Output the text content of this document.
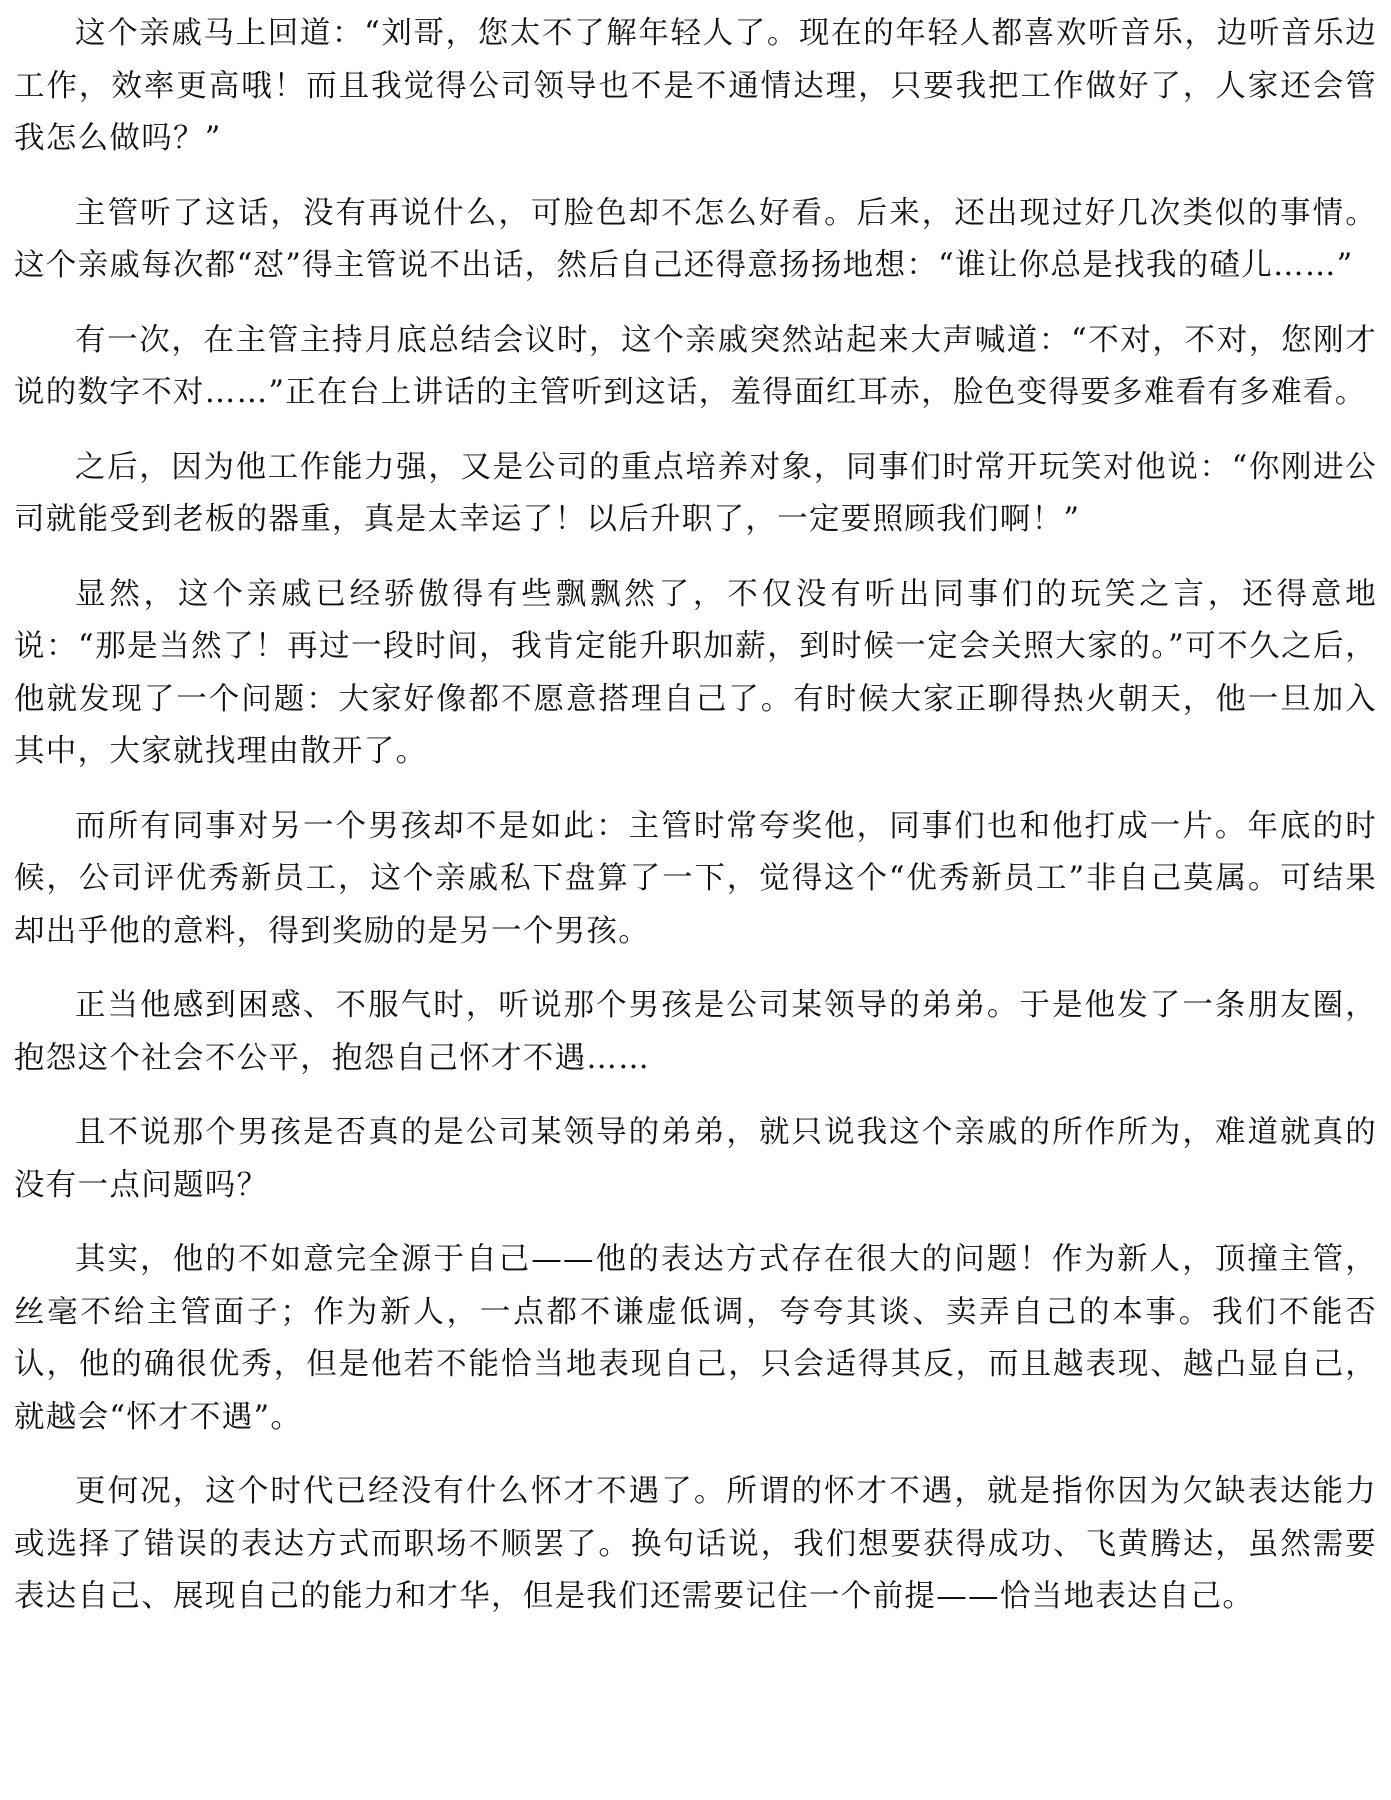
这个亲戚马上回道：“刘哥，您太不了解年轻人了。现在的年轻人都喜欢听音乐，边听音乐边工作，效率更高哦！而且我觉得公司领导也不是不通情达理，只要我把工作做好了，人家还会管我怎么做吗？”

主管听了这话，没有再说什么，可脸色却不怎么好看。后来，还出现过好几次类似的事情。这个亲戚每次都“怼”得主管说不出话，然后自己还得意扬扬地想：“谁让你总是找我的碴儿……”

有一次，在主管主持月底总结会议时，这个亲戚突然站起来大声喊道：“不对，不对，您刚才说的数字不对……”正在台上讲话的主管听到这话，羞得面红耳赤，脸色变得要多难看有多难看。

之后，因为他工作能力强，又是公司的重点培养对象，同事们时常开玩笑对他说：“你刚进公司就能受到老板的器重，真是太幸运了！以后升职了，一定要照顾我们啊！”

显然，这个亲戚已经骄傲得有些飘飘然了，不仅没有听出同事们的玩笑之言，还得意地说：“那是当然了！再过一段时间，我肯定能升职加薪，到时候一定会关照大家的。”可不久之后，他就发现了一个问题：大家好像都不愿意搭理自己了。有时候大家正聊得热火朝天，他一旦加入其中，大家就找理由散开了。

而所有同事对另一个男孩却不是如此：主管时常夸奖他，同事们也和他打成一片。年底的时候，公司评优秀新员工，这个亲戚私下盘算了一下，觉得这个“优秀新员工”非自己莫属。可结果却出乎他的意料，得到奖励的是另一个男孩。

正当他感到困惑、不服气时，听说那个男孩是公司某领导的弟弟。于是他发了一条朋友圈，抱怨这个社会不公平，抱怨自己怀才不遇……

且不说那个男孩是否真的是公司某领导的弟弟，就只说我这个亲戚的所作所为，难道就真的没有一点问题吗？

其实，他的不如意完全源于自己——他的表达方式存在很大的问题！作为新人，顶撞主管，丝毫不给主管面子；作为新人，一点都不谦虚低调，夸夸其谈、卖弄自己的本事。我们不能否认，他的确很优秀，但是他若不能恰当地表现自己，只会适得其反，而且越表现、越凸显自己，就越会“怀才不遇”。

更何况，这个时代已经没有什么怀才不遇了。所谓的怀才不遇，就是指你因为欠缺表达能力或选择了错误的表达方式而职场不顺罢了。换句话说，我们想要获得成功、飞黄腾达，虽然需要表达自己、展现自己的能力和才华，但是我们还需要记住一个前提——恰当地表达自己。
